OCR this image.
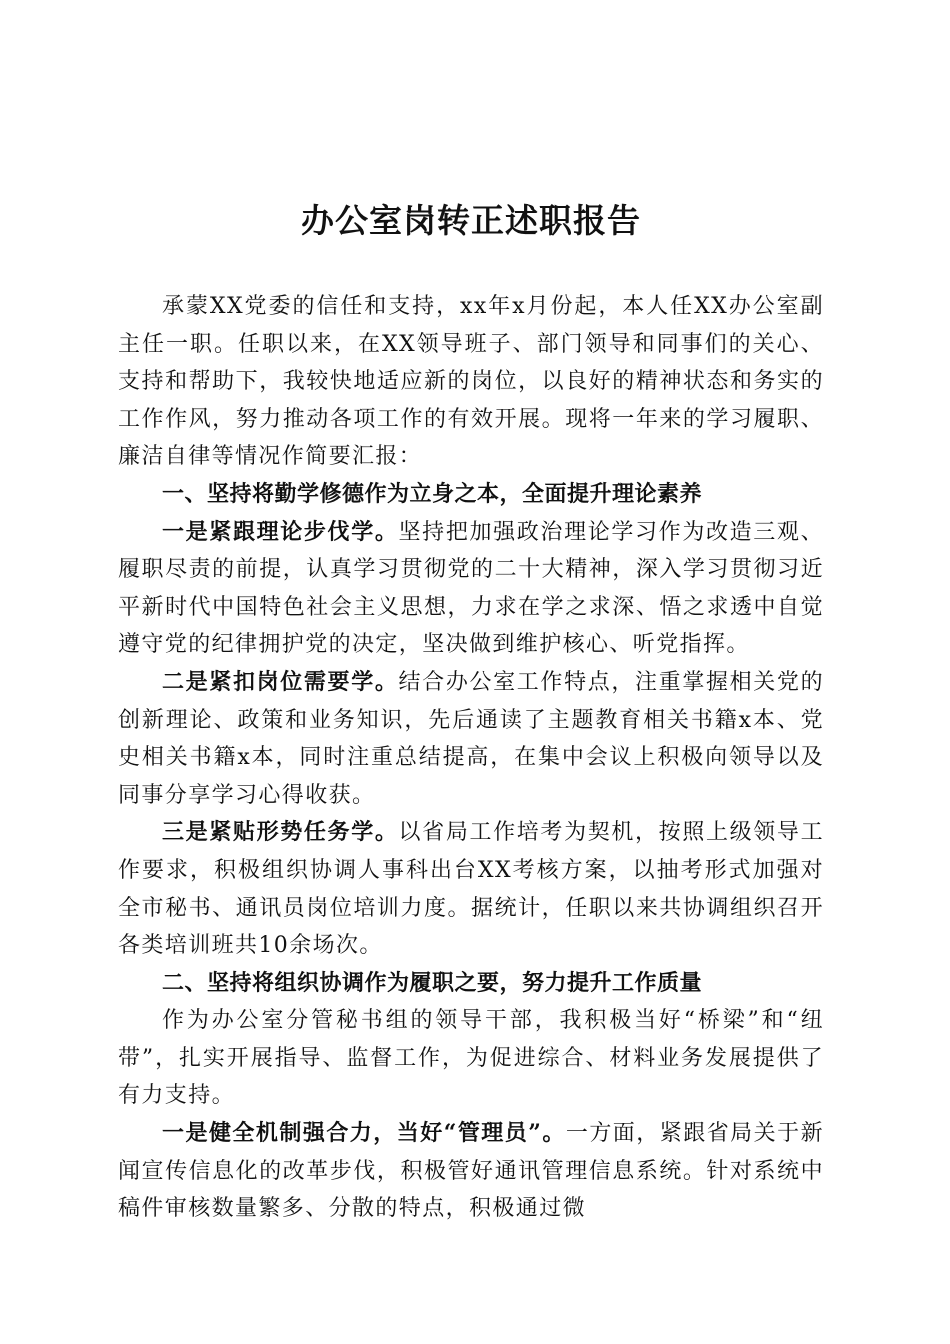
办公室岗转正述职报告

承蒙XX党委的信任和支持，xx年x月份起，本人任XX办公室副主任一职。任职以来，在XX领导班子、部门领导和同事们的关心、支持和帮助下，我较快地适应新的岗位，以良好的精神状态和务实的工作作风，努力推动各项工作的有效开展。现将一年来的学习履职、廉洁自律等情况作简要汇报：

一、坚持将勤学修德作为立身之本，全面提升理论素养

一是紧跟理论步伐学。坚持把加强政治理论学习作为改造三观、履职尽责的前提，认真学习贯彻党的二十大精神，深入学习贯彻习近平新时代中国特色社会主义思想，力求在学之求深、悟之求透中自觉遵守党的纪律拥护党的决定，坚决做到维护核心、听党指挥。

二是紧扣岗位需要学。结合办公室工作特点，注重掌握相关党的创新理论、政策和业务知识，先后通读了主题教育相关书籍x本、党史相关书籍x本，同时注重总结提高，在集中会议上积极向领导以及同事分享学习心得收获。

三是紧贴形势任务学。以省局工作培考为契机，按照上级领导工作要求，积极组织协调人事科出台XX考核方案，以抽考形式加强对全市秘书、通讯员岗位培训力度。据统计，任职以来共协调组织召开各类培训班共10余场次。

二、坚持将组织协调作为履职之要，努力提升工作质量

作为办公室分管秘书组的领导干部，我积极当好“桥梁”和“纽带”，扎实开展指导、监督工作，为促进综合、材料业务发展提供了有力支持。

一是健全机制强合力，当好“管理员”。一方面，紧跟省局关于新闻宣传信息化的改革步伐，积极管好通讯管理信息系统。针对系统中稿件审核数量繁多、分散的特点，积极通过微
